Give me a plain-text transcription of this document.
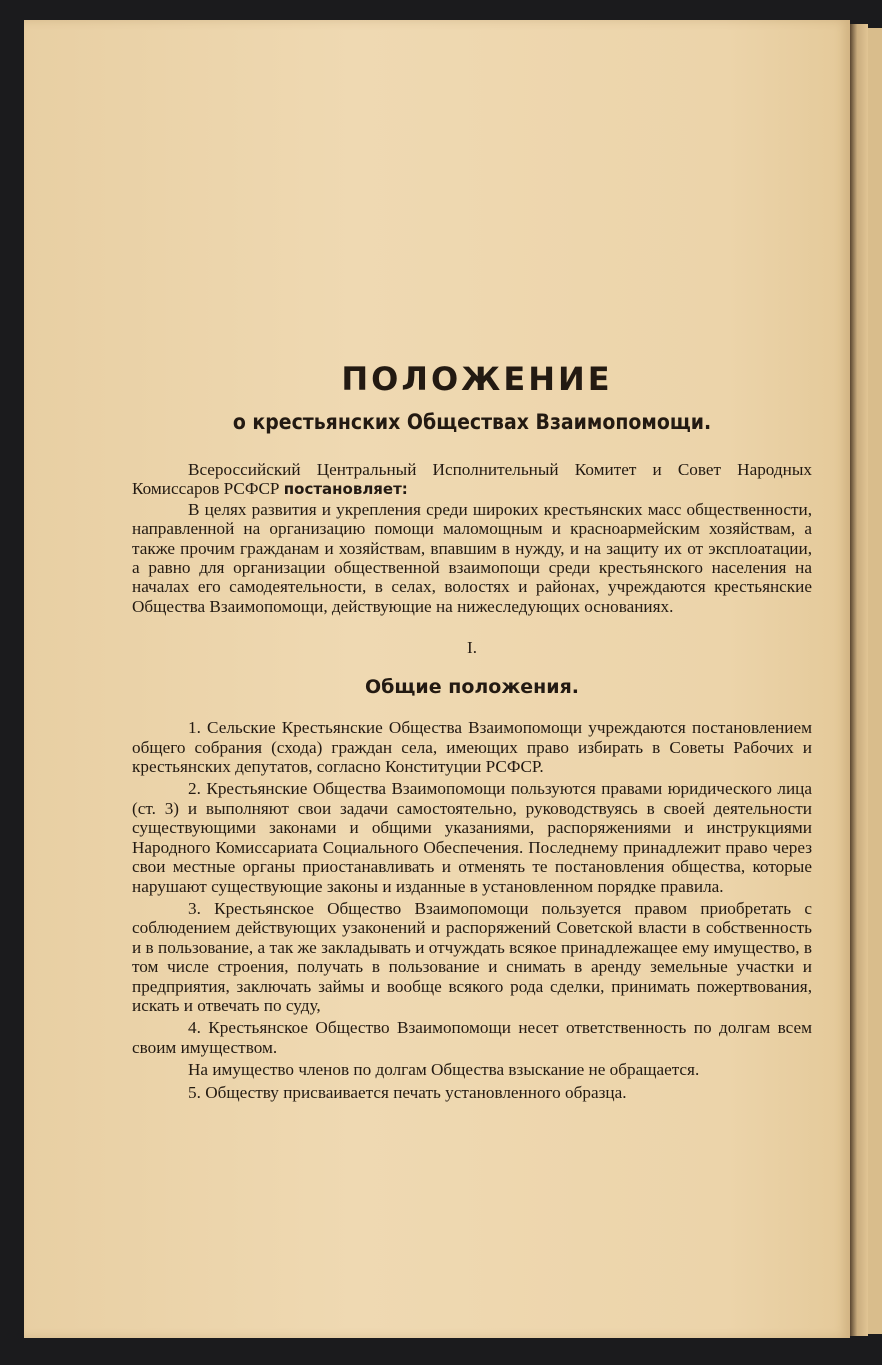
ПОЛОЖЕНИЕ
о крестьянских Обществах Взаимопомощи.

Всероссийский Центральный Исполнительный Комитет и Совет Народных Комиссаров РСФСР постановляет:

В целях развития и укрепления среди широких крестьянских масс общественности, направленной на организацию помощи маломощным и красноармейским хозяйствам, а также прочим гражданам и хозяйствам, впавшим в нужду, и на защиту их от эксплоатации, а равно для организации общественной взаимопощи среди крестьянского населения на началах его самодеятельности, в селах, волостях и районах, учреждаются крестьянские Общества Взаимопомощи, действующие на нижеследующих основаниях.

I.
Общие положения.

1. Сельские Крестьянские Общества Взаимопомощи учреждаются постановлением общего собрания (схода) граждан села, имеющих право избирать в Советы Рабочих и крестьянских депутатов, согласно Конституции РСФСР.

2. Крестьянские Общества Взаимопомощи пользуются правами юридического лица (ст. 3) и выполняют свои задачи самостоятельно, руководствуясь в своей деятельности существующими законами и общими указаниями, распоряжениями и инструкциями Народного Комиссариата Социального Обеспечения. Последнему принадлежит право через свои местные органы приостанавливать и отменять те постановления общества, которые нарушают существующие законы и изданные в установленном порядке правила.

3. Крестьянское Общество Взаимопомощи пользуется правом приобретать с соблюдением действующих узаконений и распоряжений Советской власти в собственность и в пользование, а так же закладывать и отчуждать всякое принадлежащее ему имущество, в том числе строения, получать в пользование и снимать в аренду земельные участки и предприятия, заключать займы и вообще всякого рода сделки, принимать пожертвования, искать и отвечать по суду,

4. Крестьянское Общество Взаимопомощи несет ответственность по долгам всем своим имуществом.

На имущество членов по долгам Общества взыскание не обращается.

5. Обществу присваивается печать установленного образца.
